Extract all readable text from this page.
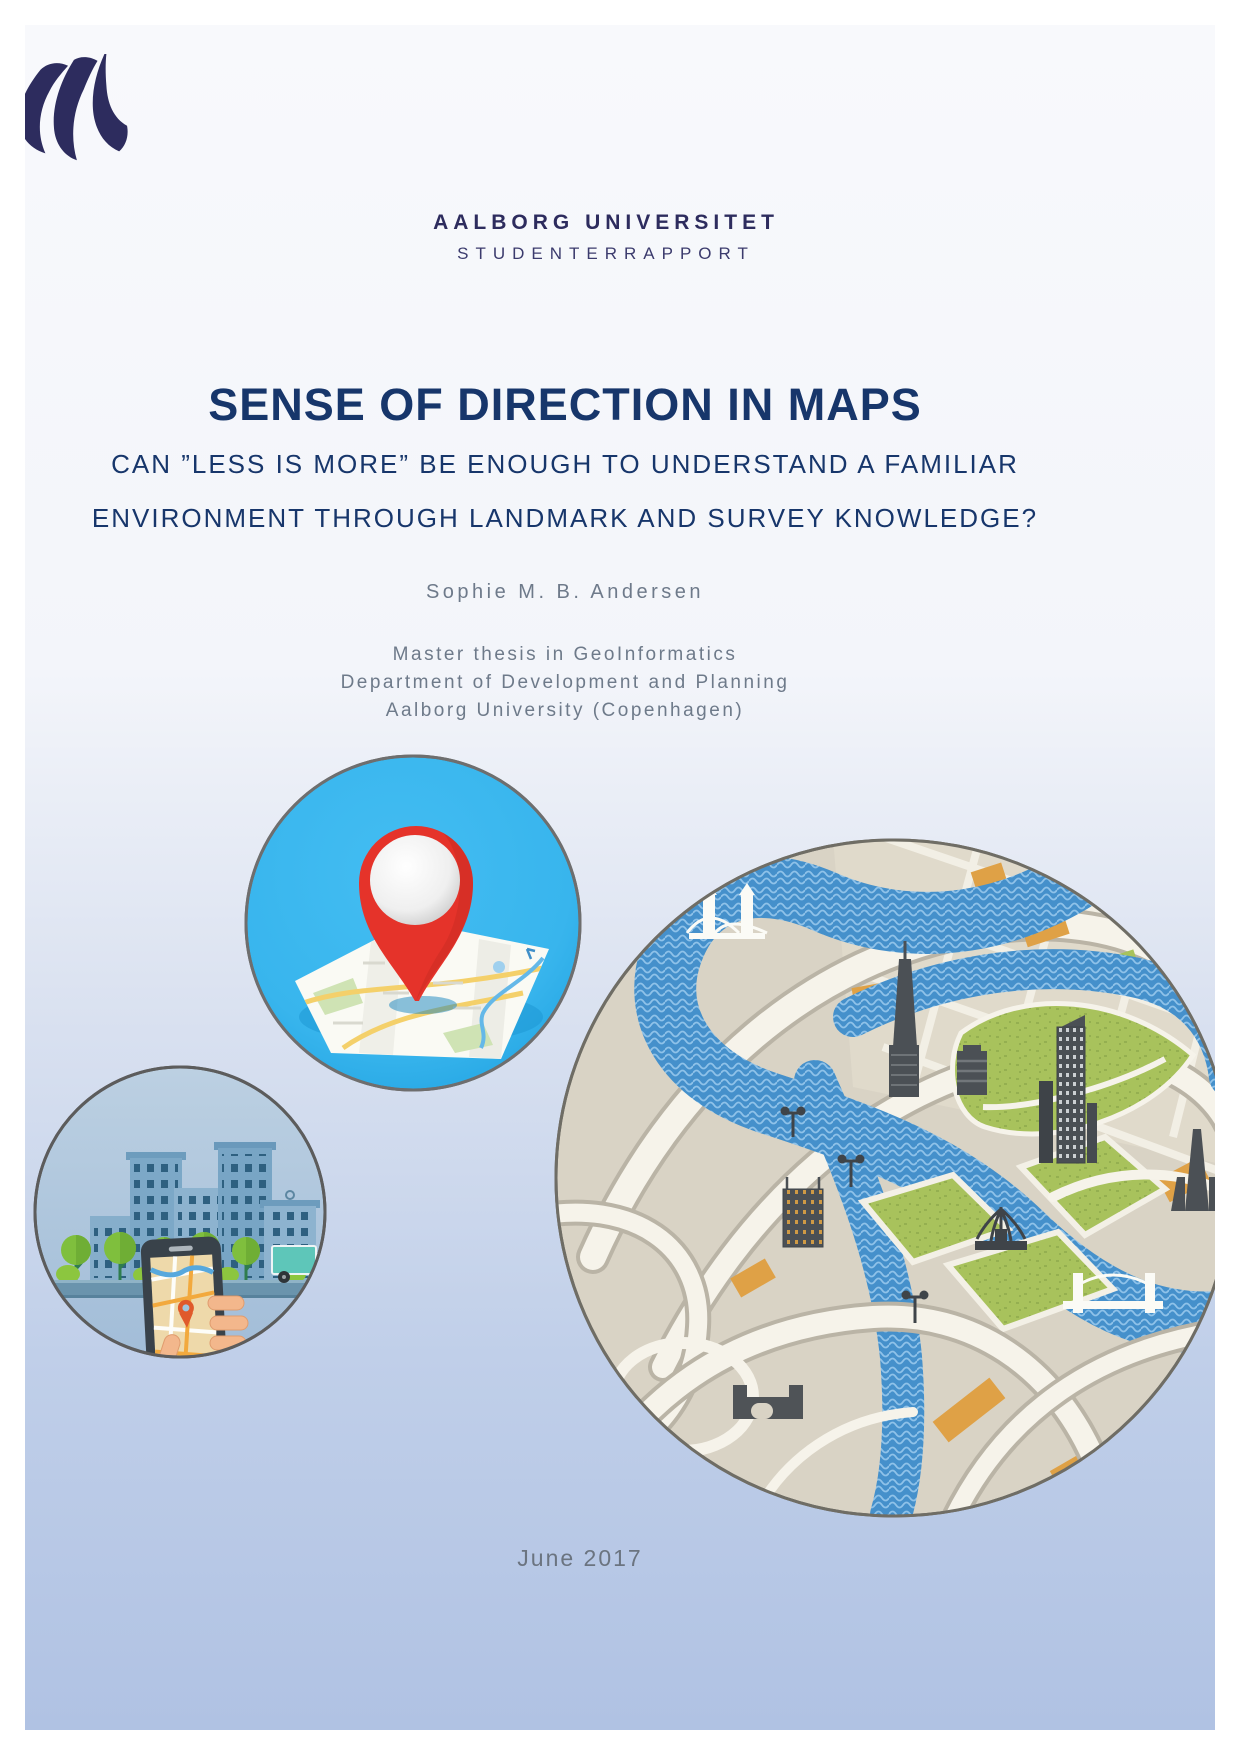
AALBORG UNIVERSITET
STUDENTERRAPPORT
SENSE OF DIRECTION IN MAPS
CAN ”LESS IS MORE” BE ENOUGH TO UNDERSTAND A FAMILIAR
ENVIRONMENT THROUGH LANDMARK AND SURVEY KNOWLEDGE?
Sophie M. B. Andersen
Master thesis in GeoInformatics
Department of Development and Planning
Aalborg University (Copenhagen)
June 2017
